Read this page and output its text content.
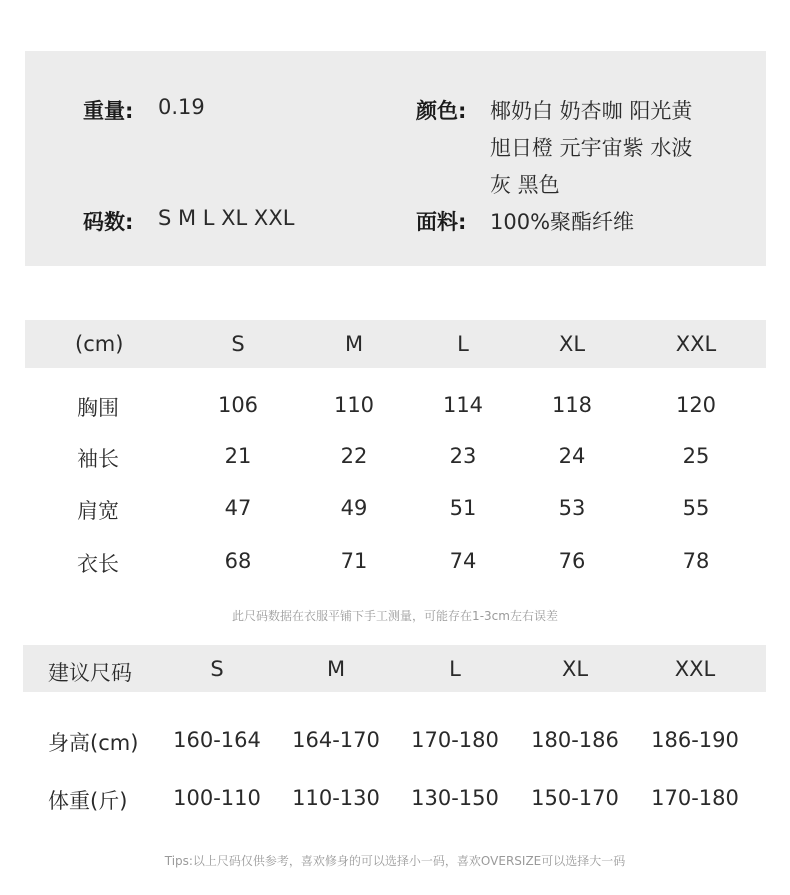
重量: 0.19	颜色: 椰奶白 奶杏咖 阳光黄
旭日橙 元宇宙紫 水波
灰 黑色
码数: S M L XL XXL	面料: 100%聚酯纤维
(cm)	S	M	L	XL	XXL
胸围	106	110	114	118	120
袖长	21	22	23	24	25
肩宽	47	49	51	53	55
衣长	68	71	74	76	78
此尺码数据在衣服平铺下手工测量，可能存在1-3cm左右误差
建议尺码	S	M	L	XL	XXL
身高(cm) 160-164 164-170 170-180 180-186 186-190
体重(斤) 100-110 110-130 130-150 150-170 170-180
Tips:以上尺码仅供参考，喜欢修身的可以选择小一码，喜欢OVERSIZE可以选择大一码
